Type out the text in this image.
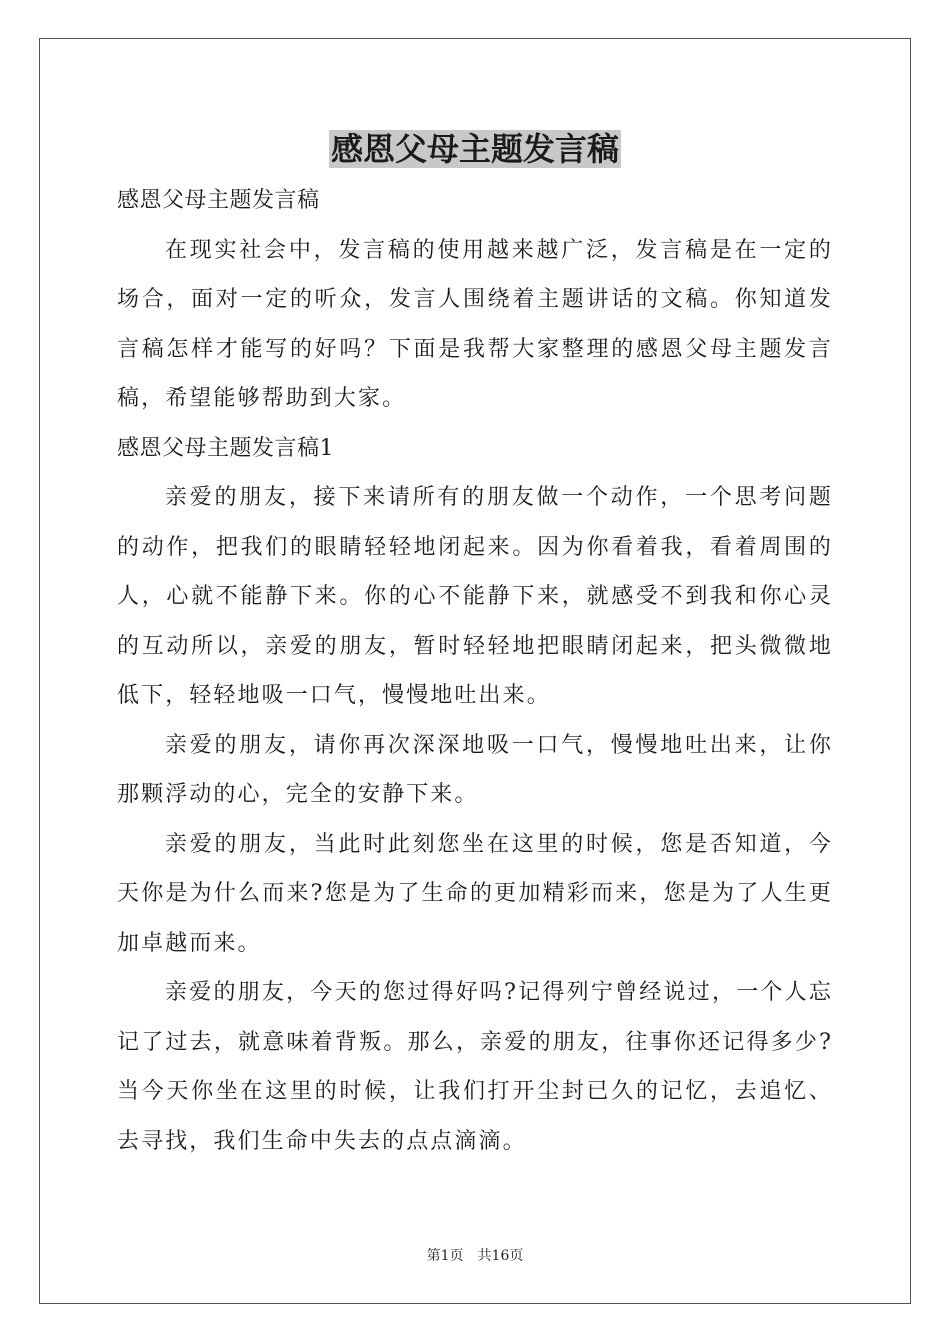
感恩父母主题发言稿

感恩父母主题发言稿

在现实社会中，发言稿的使用越来越广泛，发言稿是在一定的场合，面对一定的听众，发言人围绕着主题讲话的文稿。你知道发言稿怎样才能写的好吗？下面是我帮大家整理的感恩父母主题发言稿，希望能够帮助到大家。

感恩父母主题发言稿1

亲爱的朋友，接下来请所有的朋友做一个动作，一个思考问题的动作，把我们的眼睛轻轻地闭起来。因为你看着我，看着周围的人，心就不能静下来。你的心不能静下来，就感受不到我和你心灵的互动所以，亲爱的朋友，暂时轻轻地把眼睛闭起来，把头微微地低下，轻轻地吸一口气，慢慢地吐出来。

亲爱的朋友，请你再次深深地吸一口气，慢慢地吐出来，让你那颗浮动的心，完全的安静下来。

亲爱的朋友，当此时此刻您坐在这里的时候，您是否知道，今天你是为什么而来?您是为了生命的更加精彩而来，您是为了人生更加卓越而来。

亲爱的朋友，今天的您过得好吗?记得列宁曾经说过，一个人忘记了过去，就意味着背叛。那么，亲爱的朋友，往事你还记得多少?当今天你坐在这里的时候，让我们打开尘封已久的记忆，去追忆、去寻找，我们生命中失去的点点滴滴。

第1页 共16页
